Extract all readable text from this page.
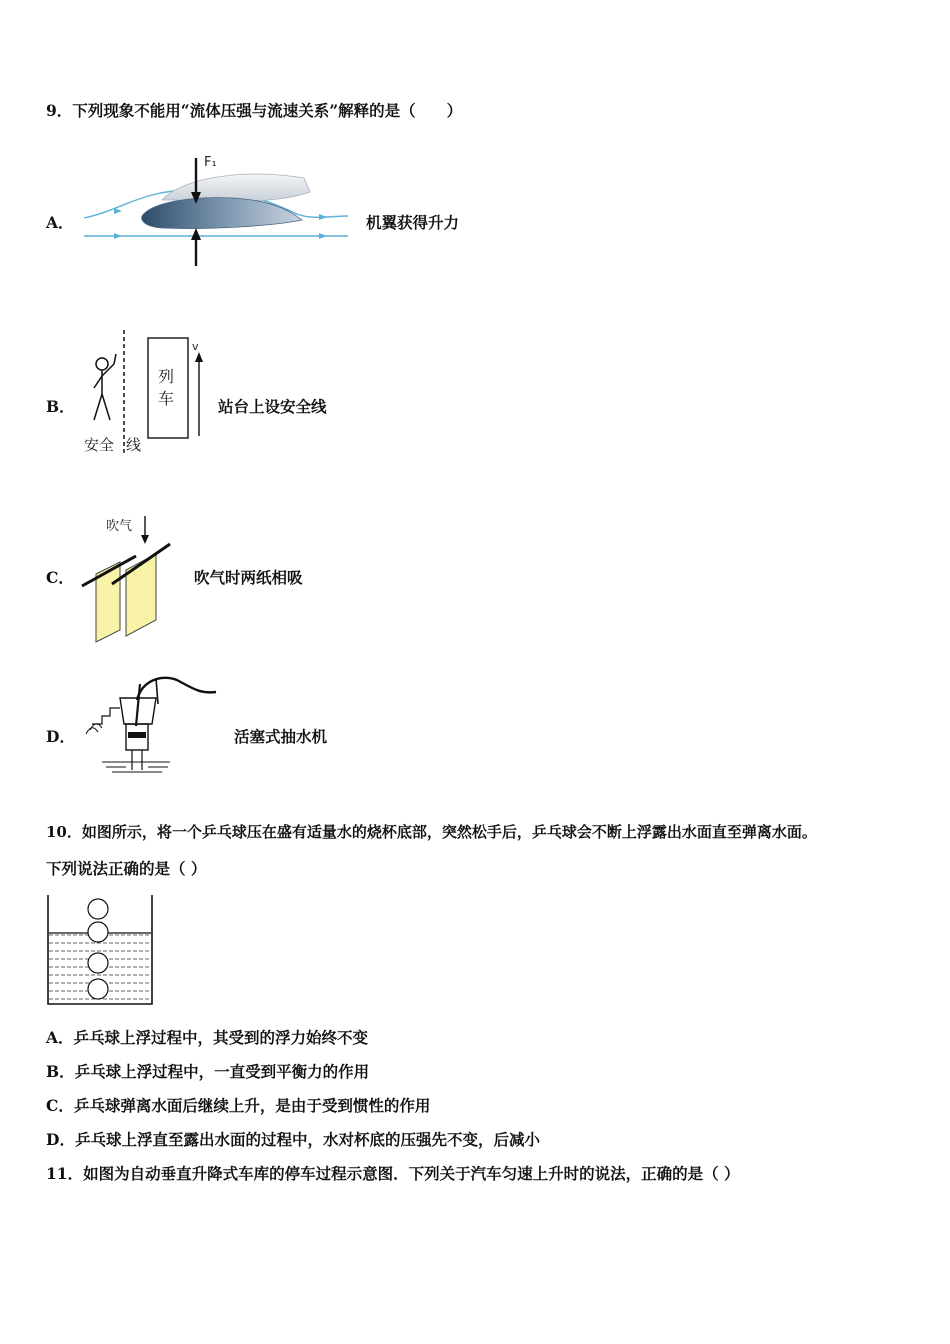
9．下列现象不能用“流体压强与流速关系”解释的是（　　）
A．
F₁
机翼获得升力
B．
列
车
v
安全 线
站台上设安全线
C．
吹气
吹气时两纸相吸
D．	活塞式抽水机
10．如图所示，将一个乒乓球压在盛有适量水的烧杯底部，突然松手后，乒乓球会不断上浮露出水面直至弹离水面。
下列说法正确的是（ ）
A．乒乓球上浮过程中，其受到的浮力始终不变
B．乒乓球上浮过程中，一直受到平衡力的作用
C．乒乓球弹离水面后继续上升，是由于受到惯性的作用
D．乒乓球上浮直至露出水面的过程中，水对杯底的压强先不变，后减小
11．如图为自动垂直升降式车库的停车过程示意图．下列关于汽车匀速上升时的说法，正确的是（ ）
